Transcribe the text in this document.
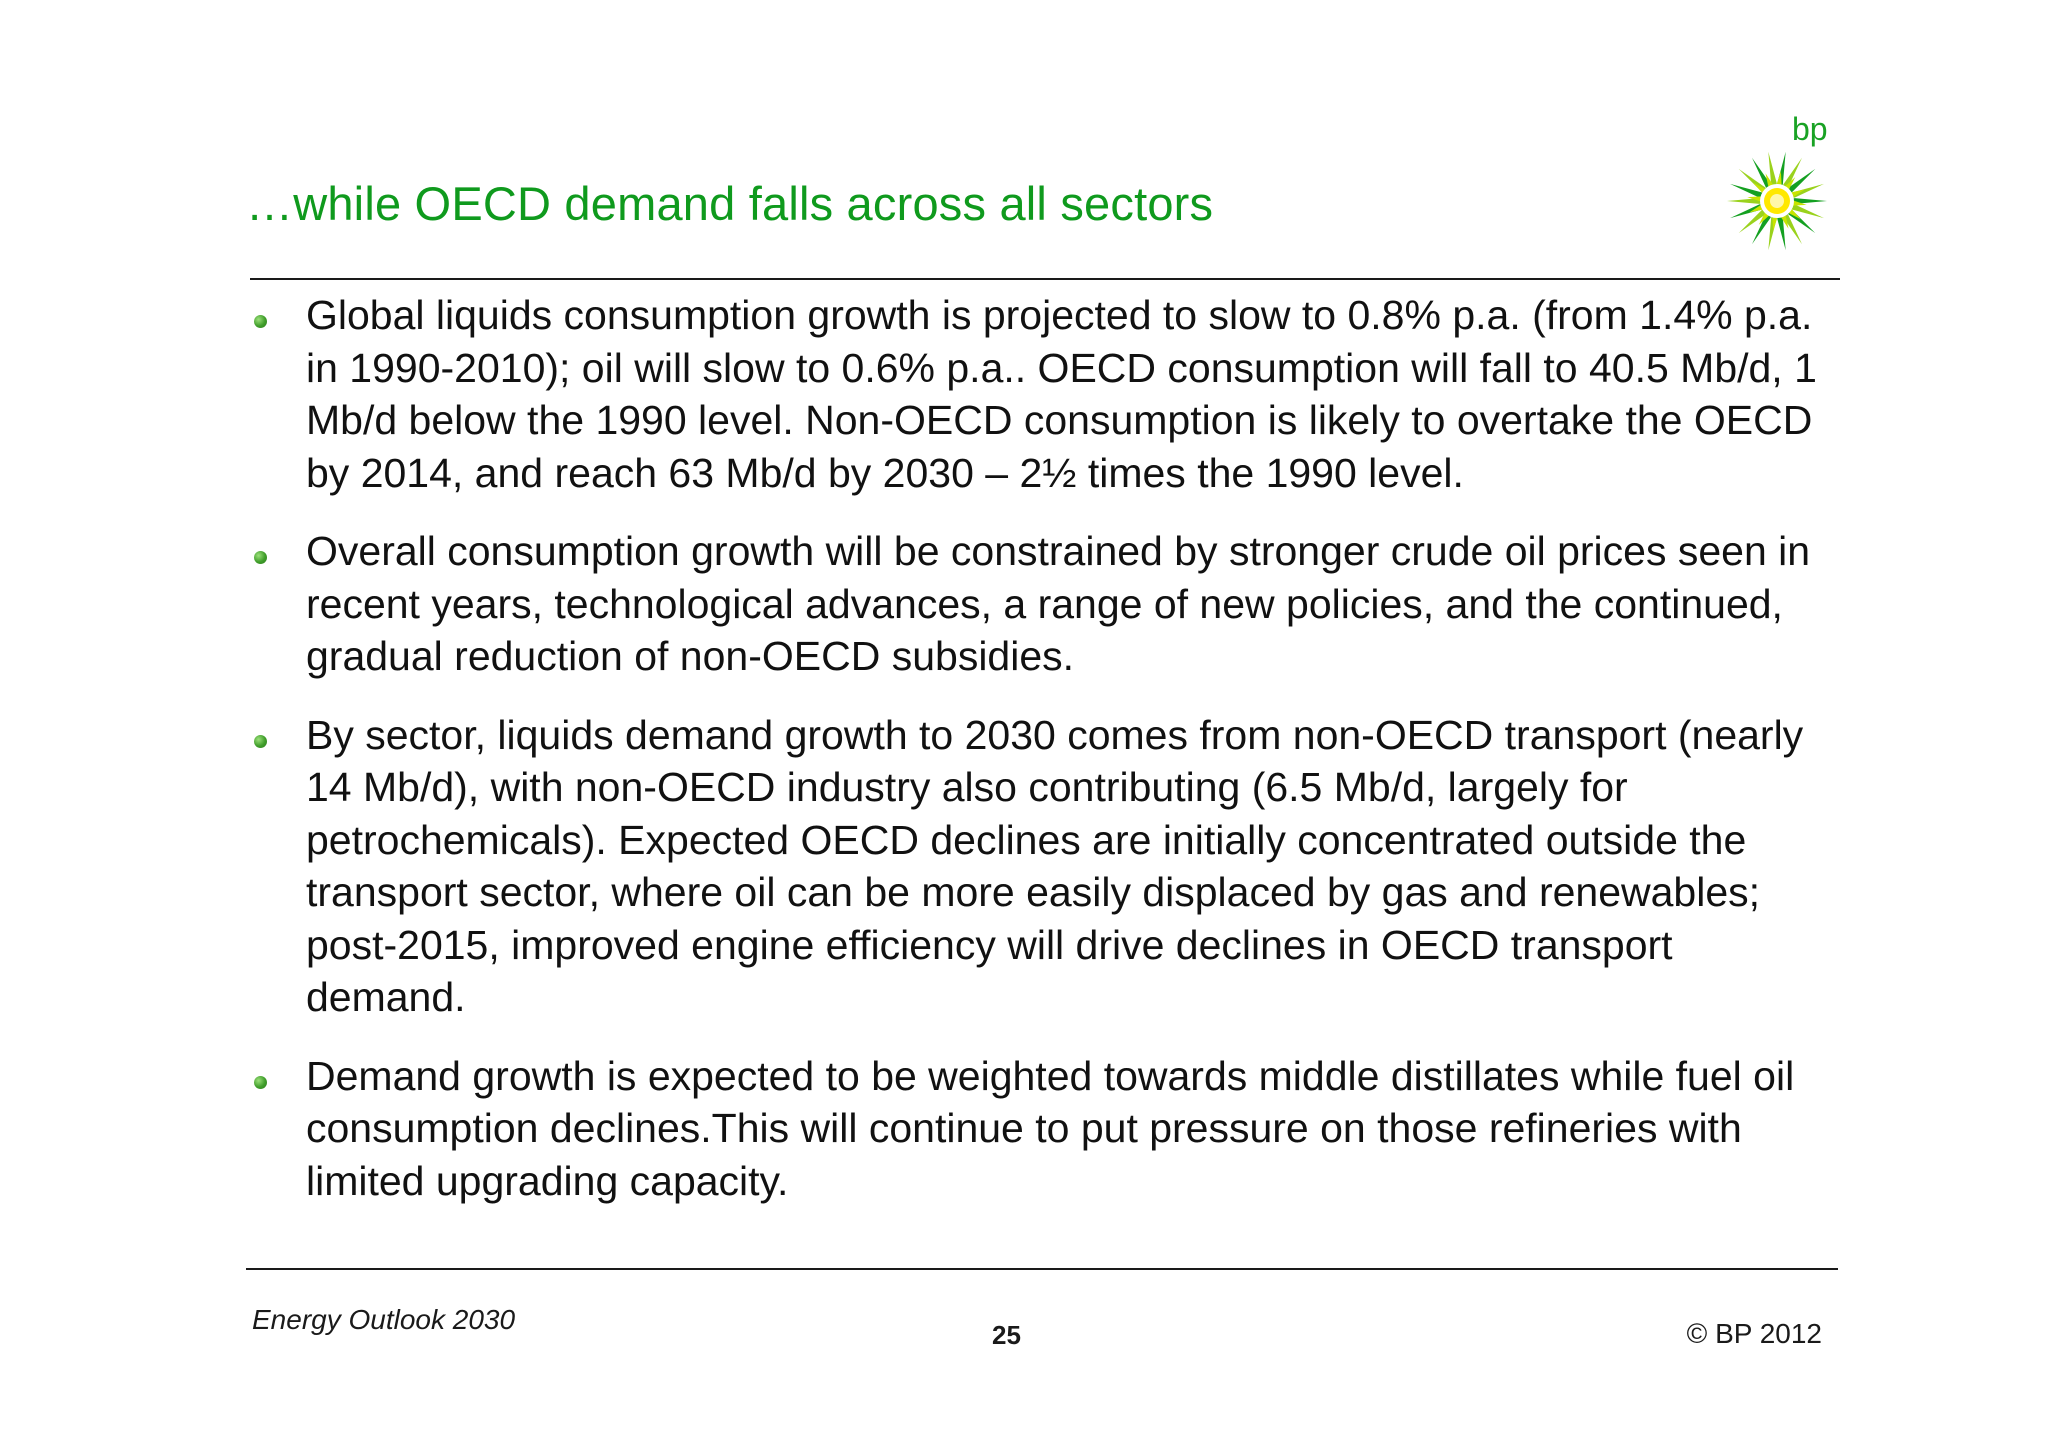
…while OECD demand falls across all sectors
bp
Global liquids consumption growth is projected to slow to 0.8% p.a. (from 1.4% p.a. in 1990-2010); oil will slow to 0.6% p.a.. OECD consumption will fall to 40.5 Mb/d, 1 Mb/d below the 1990 level. Non-OECD consumption is likely to overtake the OECD by 2014, and reach 63 Mb/d by 2030 – 2½ times the 1990 level.
Overall consumption growth will be constrained by stronger crude oil prices seen in recent years, technological advances, a range of new policies, and the continued, gradual reduction of non-OECD subsidies.
By sector, liquids demand growth to 2030 comes from non-OECD transport (nearly 14 Mb/d), with non-OECD industry also contributing (6.5 Mb/d, largely for petrochemicals). Expected OECD declines are initially concentrated outside the transport sector, where oil can be more easily displaced by gas and renewables; post-2015, improved engine efficiency will drive declines in OECD transport demand.
Demand growth is expected to be weighted towards middle distillates while fuel oil consumption declines.This will continue to put pressure on those refineries with limited upgrading capacity.
Energy Outlook 2030	25	© BP 2012
